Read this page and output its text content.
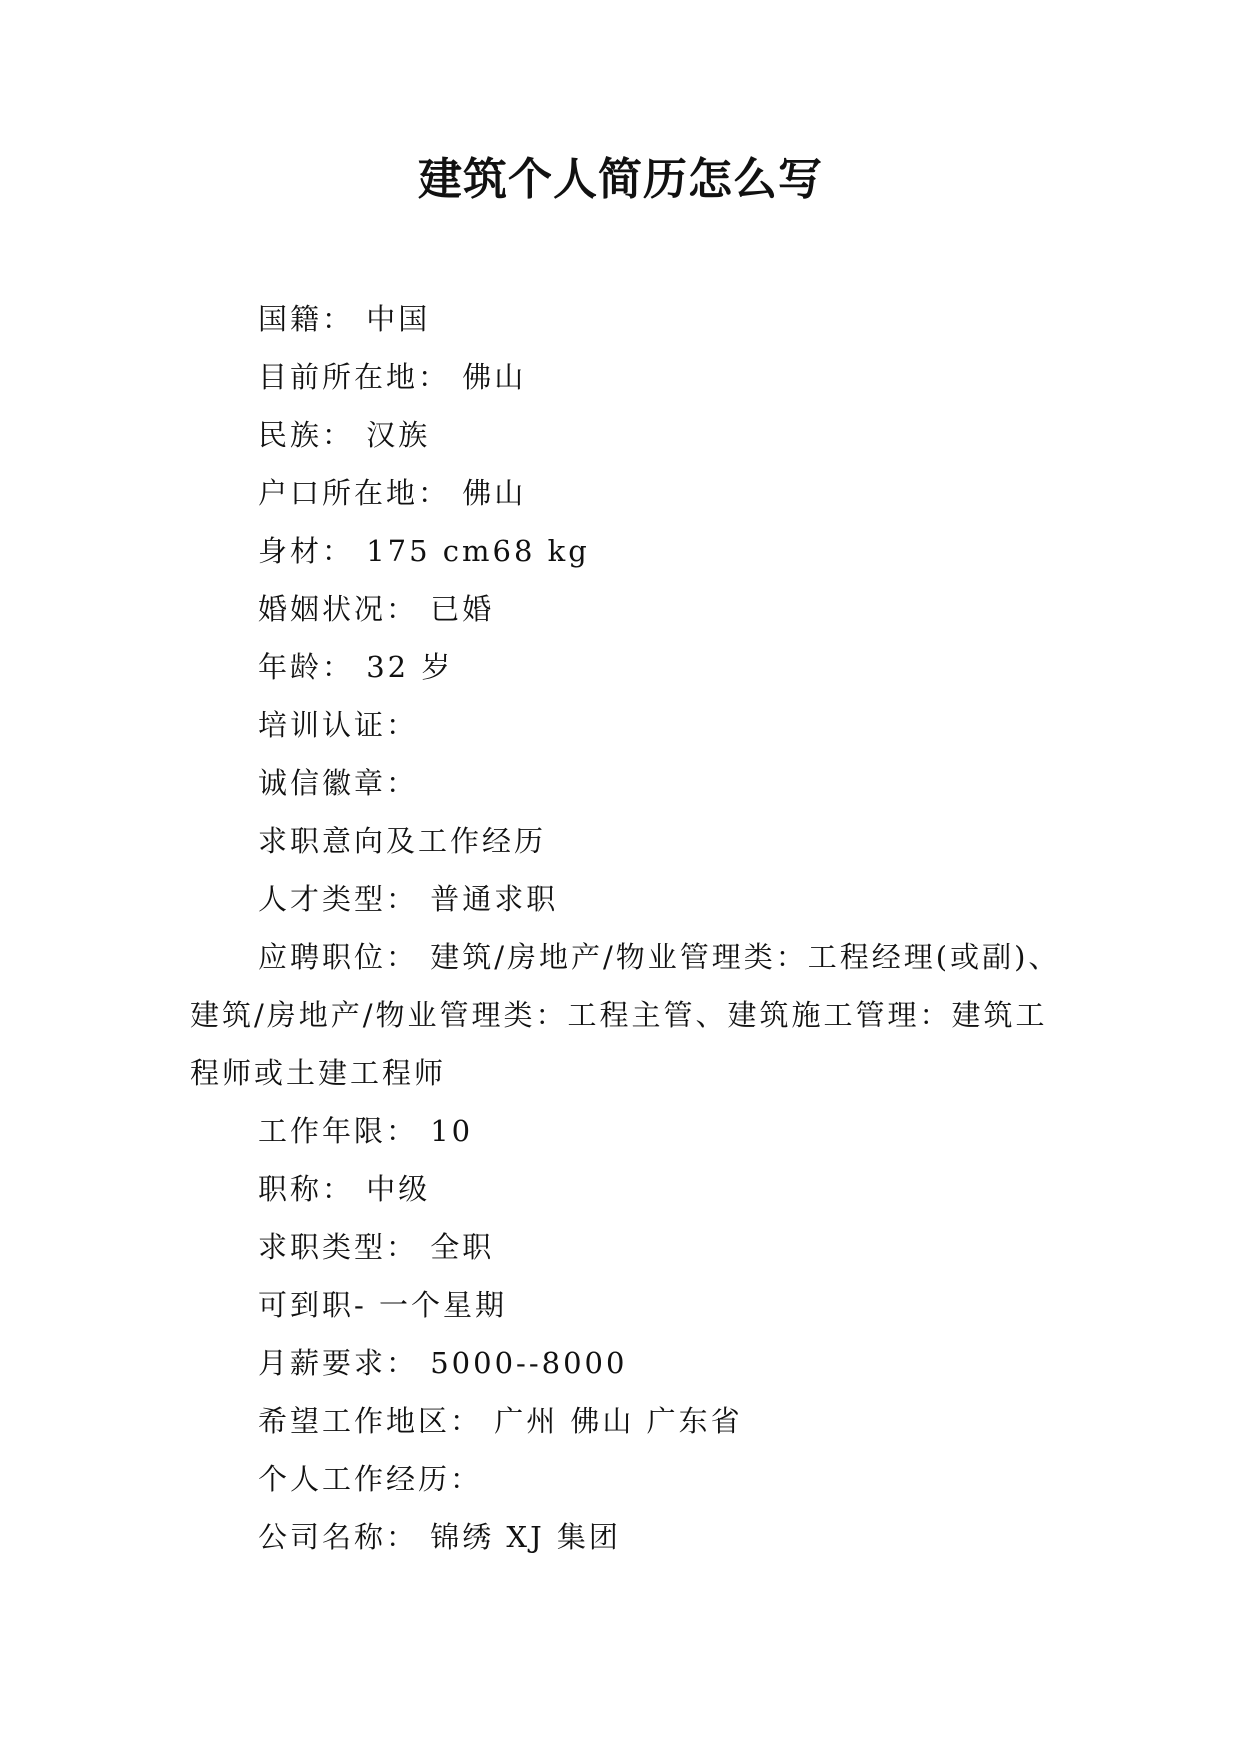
建筑个人简历怎么写

国籍： 中国

目前所在地： 佛山

民族： 汉族

户口所在地： 佛山

身材： 175 cm68 kg

婚姻状况： 已婚

年龄： 32 岁

培训认证：

诚信徽章：

求职意向及工作经历

人才类型： 普通求职

应聘职位： 建筑/房地产/物业管理类：工程经理(或副)、建筑/房地产/物业管理类：工程主管、建筑施工管理：建筑工程师或土建工程师

工作年限： 10

职称： 中级

求职类型： 全职

可到职- 一个星期

月薪要求： 5000--8000

希望工作地区： 广州 佛山 广东省

个人工作经历：

公司名称： 锦绣 XJ 集团
